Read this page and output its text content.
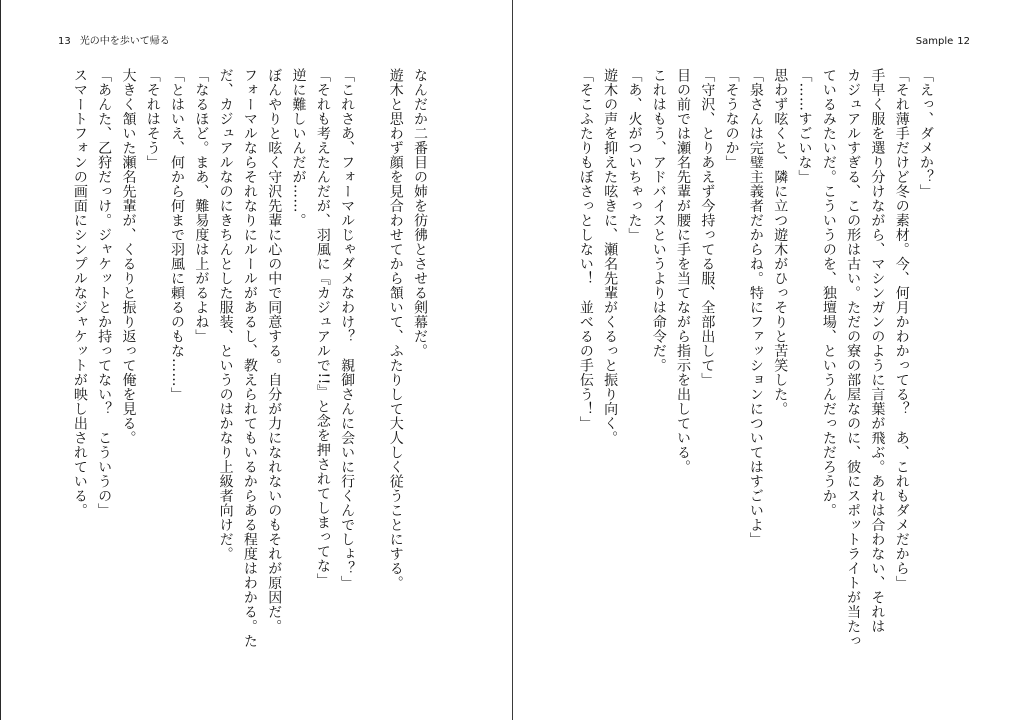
13 光の中を歩いて帰る
なんだか二番目の姉を彷彿とさせる剣幕だ。
遊木と思わず顔を見合わせてから頷いて、ふたりして大人しく従うことにする。

「これさあ、フォーマルじゃダメなわけ？　親御さんに会いに行くんでしょ？」
「それも考えたんだが、羽風に『カジュアルで!!』と念を押されてしまってな」
逆に難しいんだが……。
ぼんやりと呟く守沢先輩に心の中で同意する。自分が力になれないのもそれが原因だ。
フォーマルならそれなりにルールがあるし、教えられてもいるからある程度はわかる。た
だ、カジュアルなのにきちんとした服装、というのはかなり上級者向けだ。
「なるほど。まあ、難易度は上がるよね」
「とはいえ、何から何まで羽風に頼るのもな……」
「それはそう」
大きく頷いた瀬名先輩が、くるりと振り返って俺を見る。
「あんた、乙狩だっけ。ジャケットとか持ってない？　こういうの」
スマートフォンの画面にシンプルなジャケットが映し出されている。
Sample 12
「えっ、ダメか？」
「それ薄手だけど冬の素材。今、何月かわかってる？　あ、これもダメだから」
手早く服を選り分けながら、マシンガンのように言葉が飛ぶ。あれは合わない、それは
カジュアルすぎる、この形は古い。ただの寮の部屋なのに、彼にスポットライトが当たっ
ているみたいだ。こういうのを、独壇場、というんだっただろうか。
「……すごいな」
思わず呟くと、隣に立つ遊木がひっそりと苦笑した。
「泉さんは完璧主義者だからね。特にファッションについてはすごいよ」
「そうなのか」
「守沢、とりあえず今持ってる服、全部出して」
目の前では瀬名先輩が腰に手を当てながら指示を出している。
これはもう、アドバイスというよりは命令だ。
「あ、火がついちゃった」
遊木の声を抑えた呟きに、瀬名先輩がくるっと振り向く。
「そこふたりもぼさっとしない！　並べるの手伝う！」
